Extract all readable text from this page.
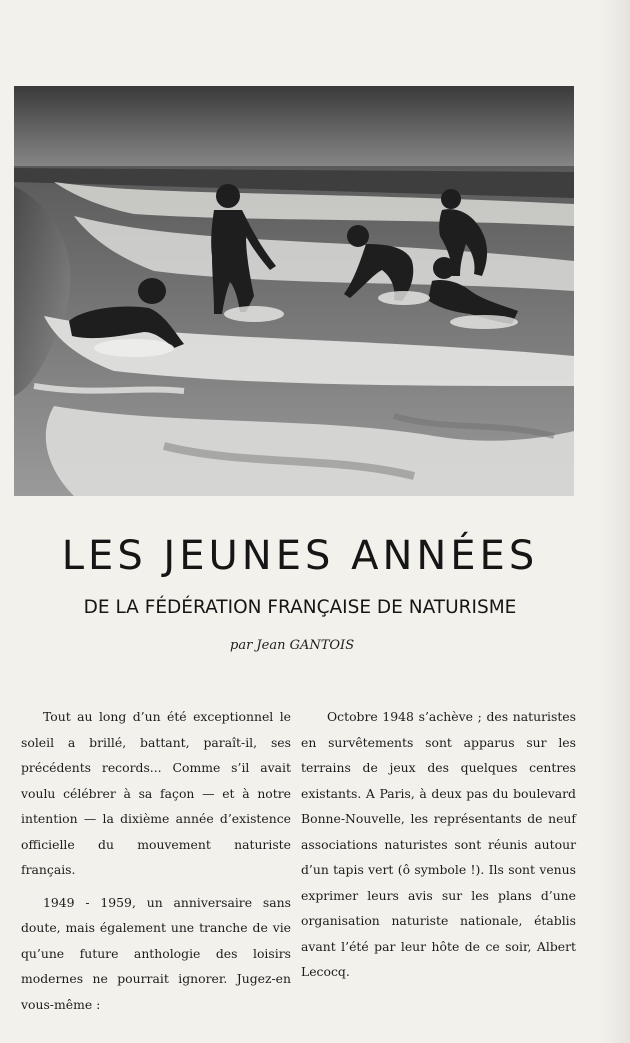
LES JEUNES ANNÉES
DE LA FÉDÉRATION FRANÇAISE DE NATURISME
par Jean GANTOIS

Tout au long d’un été exceptionnel le soleil a brillé, battant, paraît-il, ses précédents records... Comme s’il avait voulu célébrer à sa façon — et à notre intention — la dixième année d’existence officielle du mouvement naturiste français.

1949 - 1959, un anniversaire sans doute, mais également une tranche de vie qu’une future anthologie des loisirs modernes ne pourrait ignorer. Jugez-en vous-même :

Octobre 1948 s’achève ; des naturistes en survêtements sont apparus sur les terrains de jeux des quelques centres existants. A Paris, à deux pas du boulevard Bonne-Nouvelle, les représentants de neuf associations naturistes sont réunis autour d’un tapis vert (ô symbole !). Ils sont venus exprimer leurs avis sur les plans d’une organisation naturiste nationale, établis avant l’été par leur hôte de ce soir, Albert Lecocq.
